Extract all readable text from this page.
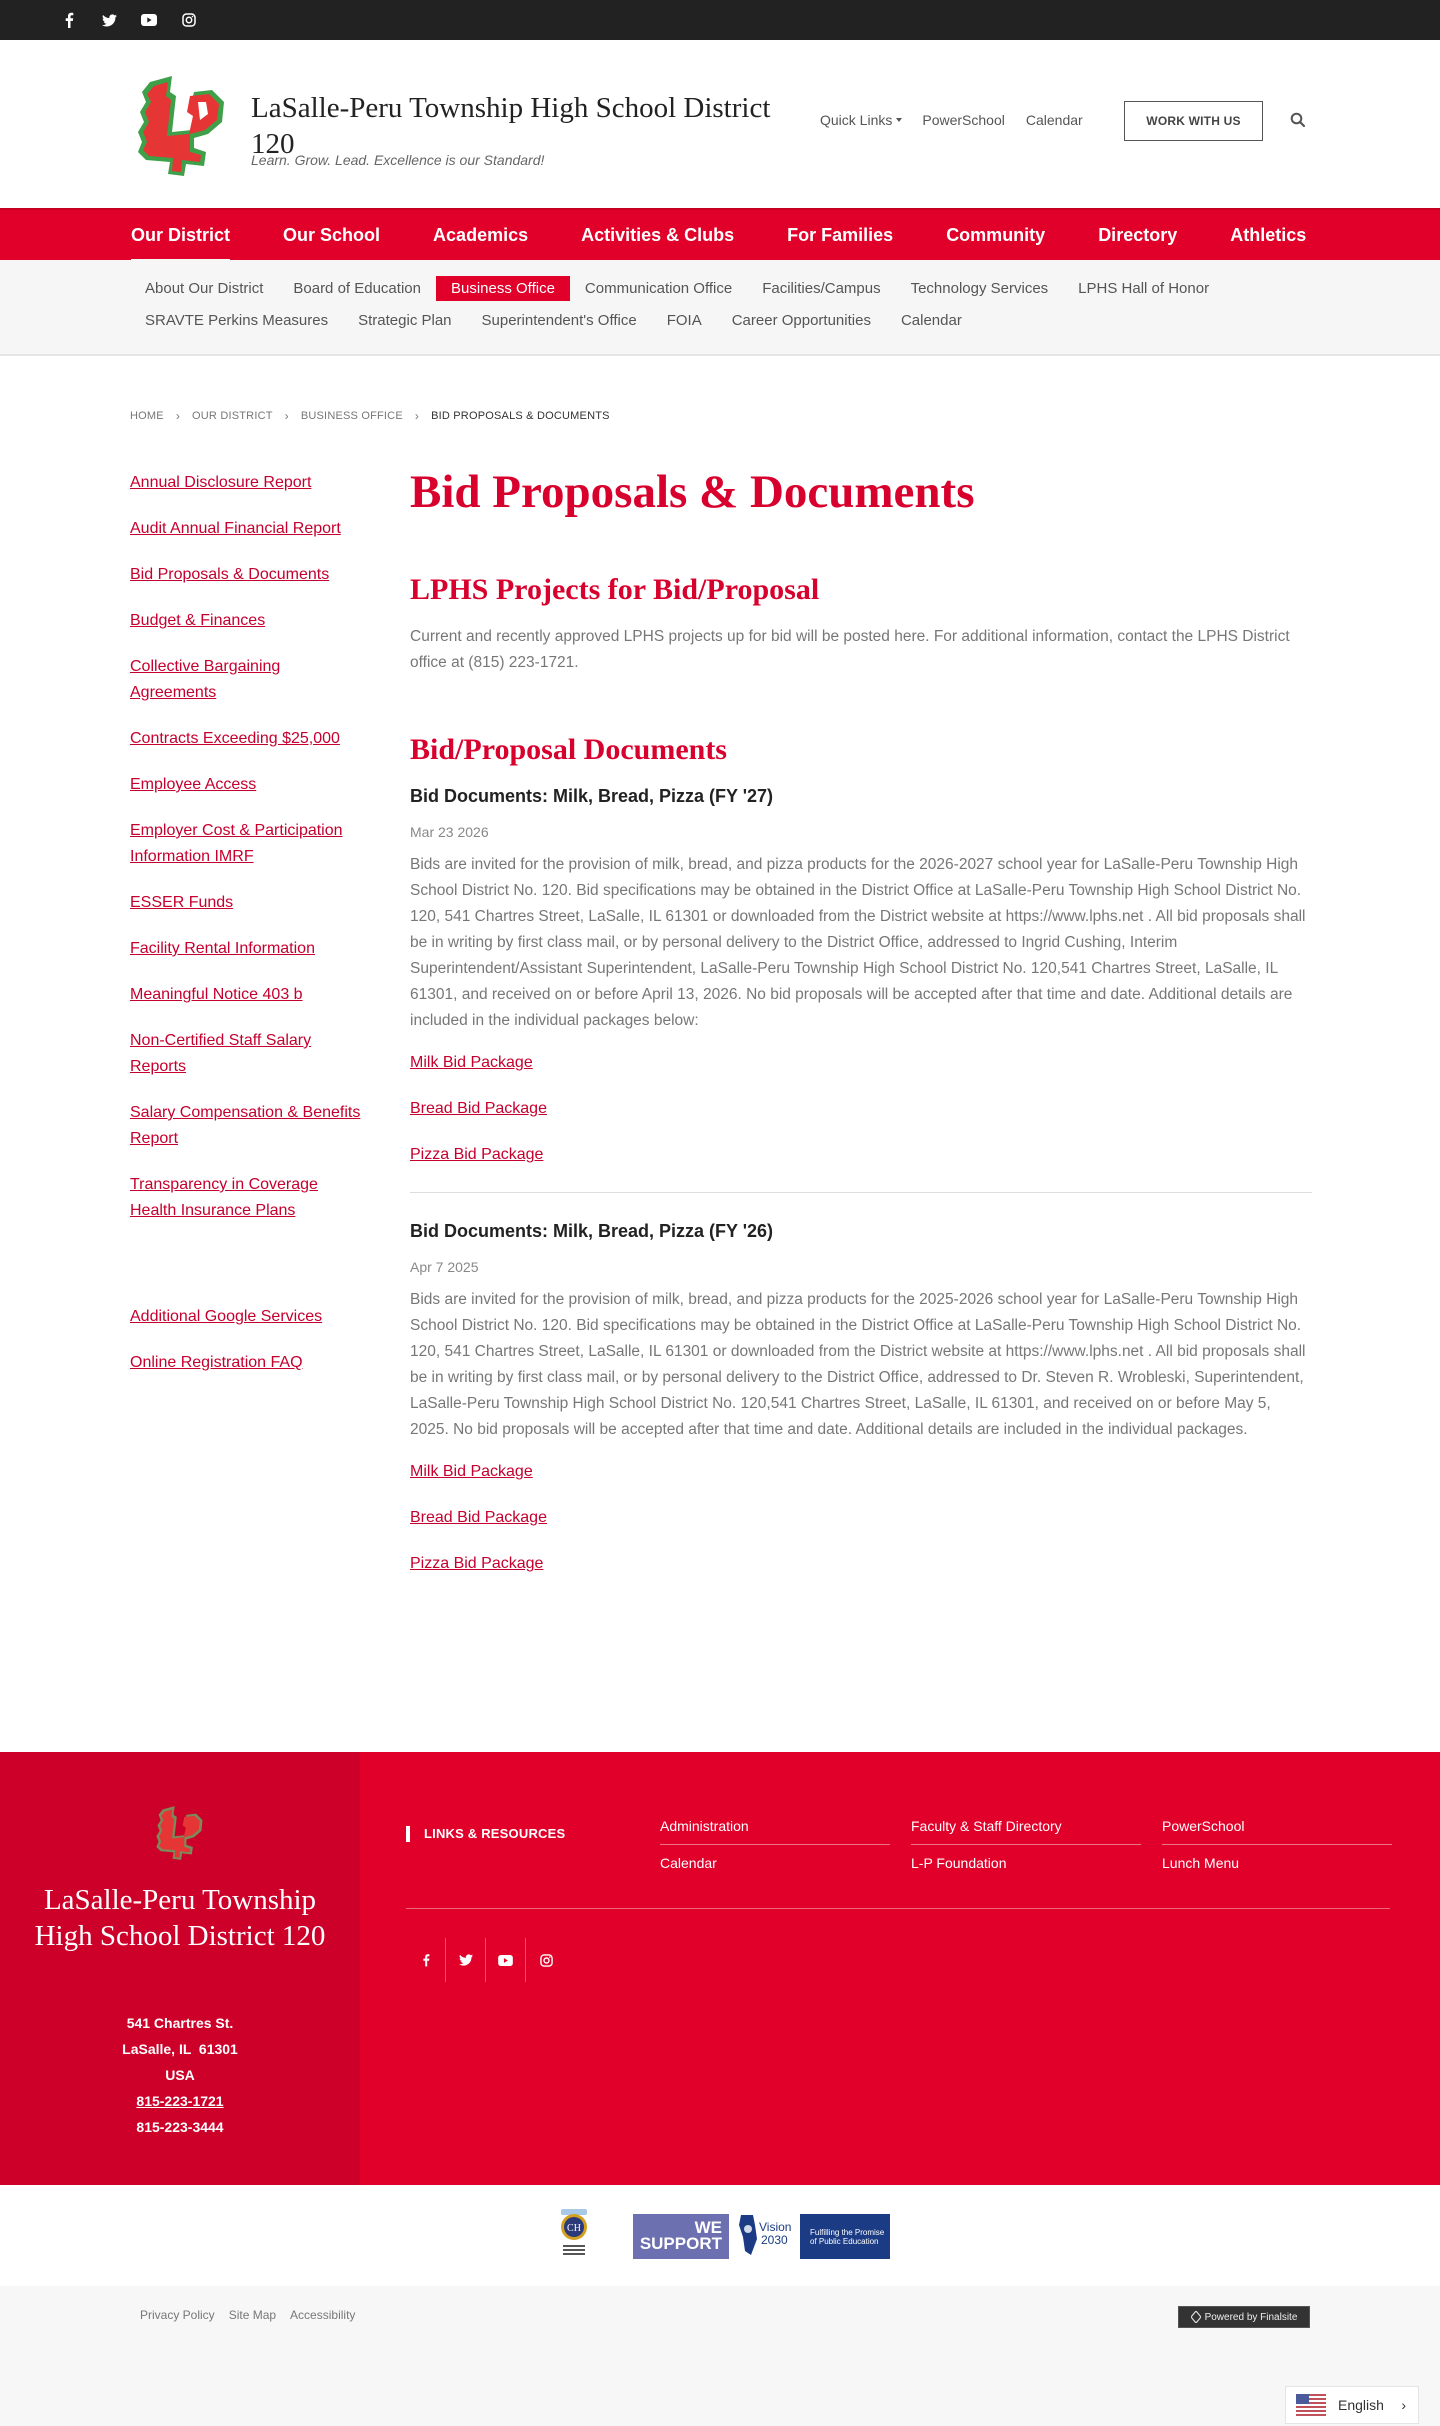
LaSalle-Peru Township High School District 120
Learn. Grow. Lead. Excellence is our Standard!
Quick Links PowerSchool Calendar	WORK WITH US
Our District	Our School	Academics	Activities & Clubs	For Families	Community	Directory	Athletics
About Our District	Board of Education	Business Office	Communication Office	Facilities/Campus	Technology Services	LPHS Hall of Honor
SRAVTE Perkins Measures	Strategic Plan	Superintendent's Office	FOIA	Career Opportunities	Calendar
HOME › OUR DISTRICT › BUSINESS OFFICE › BID PROPOSALS & DOCUMENTS
Annual Disclosure Report
Audit Annual Financial Report
Bid Proposals & Documents
Budget & Finances
Collective Bargaining Agreements
Contracts Exceeding $25,000
Employee Access
Employer Cost & Participation Information IMRF
ESSER Funds
Facility Rental Information
Meaningful Notice 403 b
Non-Certified Staff Salary Reports
Salary Compensation & Benefits Report
Transparency in Coverage Health Insurance Plans
Additional Google Services
Online Registration FAQ
Bid Proposals & Documents
LPHS Projects for Bid/Proposal

Current and recently approved LPHS projects up for bid will be posted here. For additional information, contact the LPHS District office at (815) 223-1721.

Bid/Proposal Documents
Bid Documents: Milk, Bread, Pizza (FY '27)
Mar 23 2026

Bids are invited for the provision of milk, bread, and pizza products for the 2026-2027 school year for LaSalle-Peru Township High School District No. 120. Bid specifications may be obtained in the District Office at LaSalle-Peru Township High School District No. 120, 541 Chartres Street, LaSalle, IL 61301 or downloaded from the District website at https://www.lphs.net . All bid proposals shall be in writing by first class mail, or by personal delivery to the District Office, addressed to Ingrid Cushing, Interim Superintendent/Assistant Superintendent, LaSalle-Peru Township High School District No. 120,541 Chartres Street, LaSalle, IL 61301, and received on or before April 13, 2026. No bid proposals will be accepted after that time and date. Additional details are included in the individual packages below:

Milk Bid Package
Bread Bid Package
Pizza Bid Package
Bid Documents: Milk, Bread, Pizza (FY '26)
Apr 7 2025

Bids are invited for the provision of milk, bread, and pizza products for the 2025-2026 school year for LaSalle-Peru Township High School District No. 120. Bid specifications may be obtained in the District Office at LaSalle-Peru Township High School District No. 120, 541 Chartres Street, LaSalle, IL 61301 or downloaded from the District website at https://www.lphs.net . All bid proposals shall be in writing by first class mail, or by personal delivery to the District Office, addressed to Dr. Steven R. Wrobleski, Superintendent, LaSalle-Peru Township High School District No. 120,541 Chartres Street, LaSalle, IL 61301, and received on or before May 5, 2025. No bid proposals will be accepted after that time and date. Additional details are included in the individual packages.

Milk Bid Package
Bread Bid Package
Pizza Bid Package
LaSalle-Peru Township High School District 120
541 Chartres St.
LaSalle, IL  61301
USA
815-223-1721
815-223-3444
LINKS & RESOURCES	Administration	Faculty & Staff Directory	PowerSchool
Calendar	L-P Foundation	Lunch Menu
CH	WE SUPPORT
Vision
2030
Fulfilling the Promise of Public Education
Privacy Policy Site Map Accessibility	Powered by Finalsite
English ›
